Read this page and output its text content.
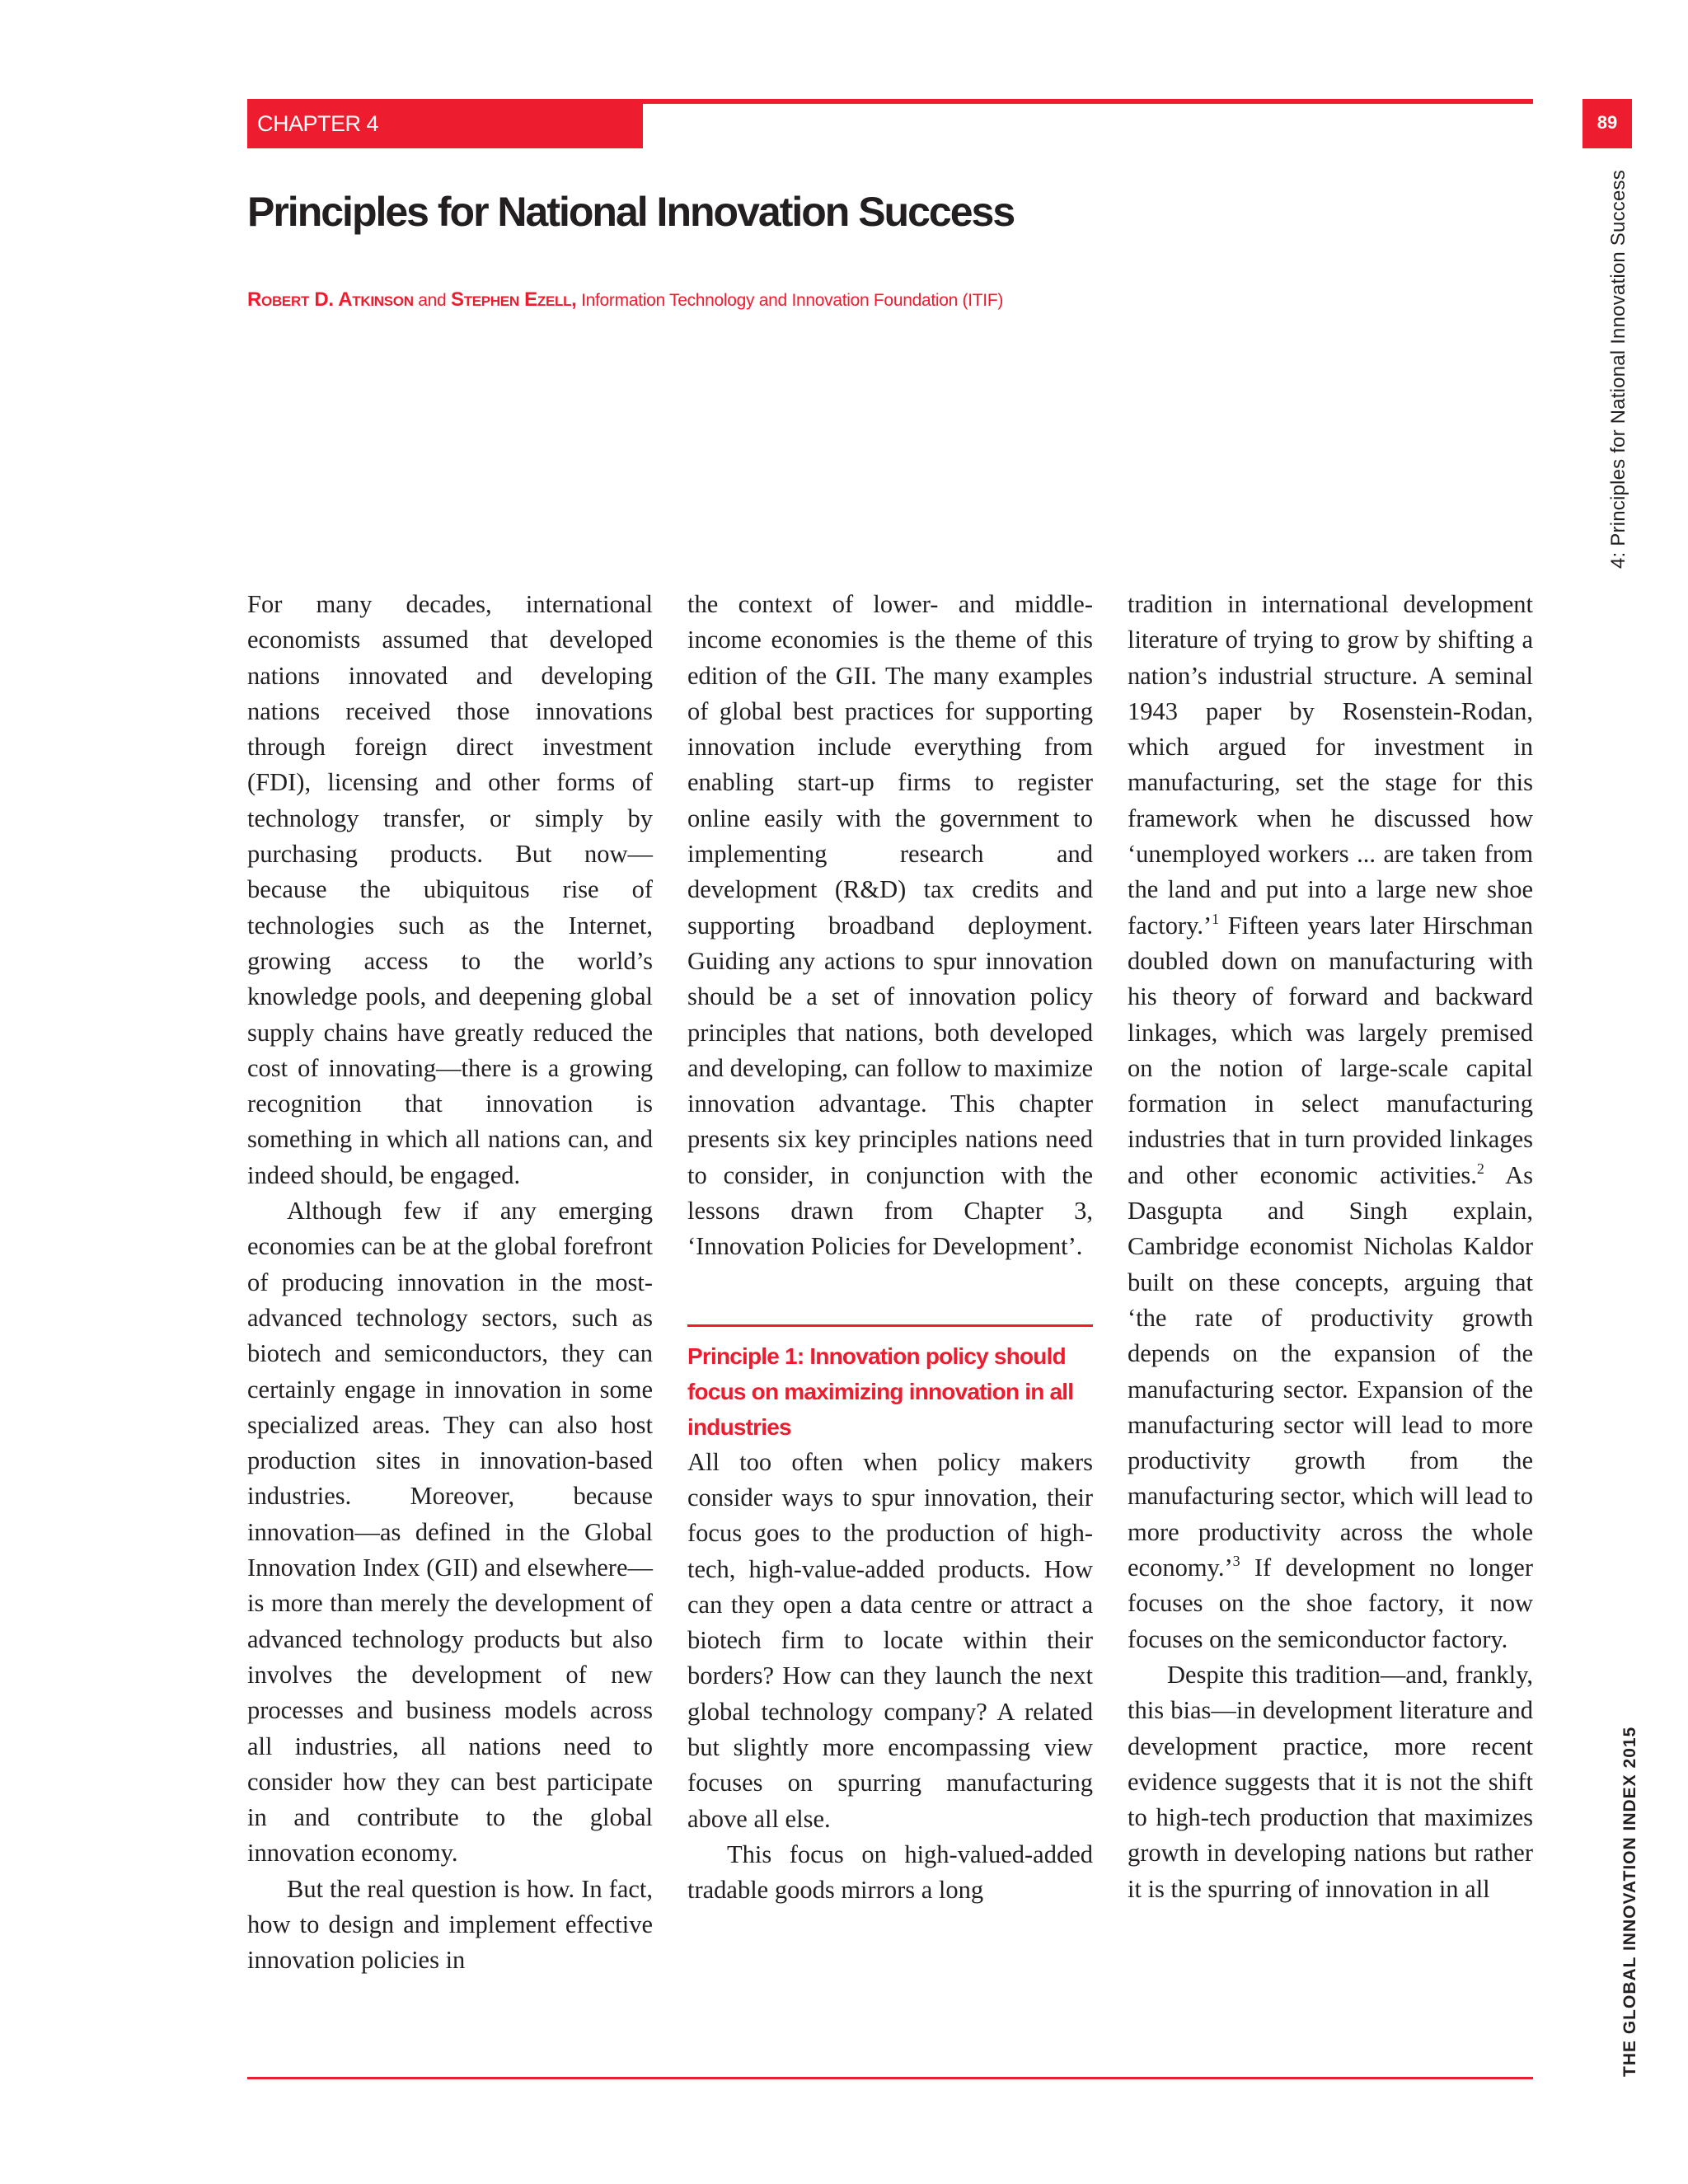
CHAPTER 4	89
4: Principles for National Innovation Success
THE GLOBAL INNOVATION INDEX 2015
Principles for National Innovation Success

Robert D. Atkinson and Stephen Ezell, Information Technology and Innovation Foundation (ITIF)

For many decades, international economists assumed that developed nations innovated and developing nations received those innovations through foreign direct investment (FDI), licensing and other forms of technology transfer, or simply by purchasing products. But now—because the ubiquitous rise of technologies such as the Internet, growing access to the world’s knowledge pools, and deepening global supply chains have greatly reduced the cost of innovating—there is a growing recognition that innovation is something in which all nations can, and indeed should, be engaged.

Although few if any emerging economies can be at the global forefront of producing innovation in the most-advanced technology sectors, such as biotech and semiconductors, they can certainly engage in innovation in some specialized areas. They can also host production sites in innovation-based industries. Moreover, because innovation—as defined in the Global Innovation Index (GII) and elsewhere—is more than merely the development of advanced technology products but also involves the development of new processes and business models across all industries, all nations need to consider how they can best participate in and contribute to the global innovation economy.

But the real question is how. In fact, how to design and implement effective innovation policies in

the context of lower- and middle-income economies is the theme of this edition of the GII. The many examples of global best practices for supporting innovation include everything from enabling start-up firms to register online easily with the government to implementing research and development (R&D) tax credits and supporting broadband deployment. Guiding any actions to spur innovation should be a set of innovation policy principles that nations, both developed and developing, can follow to maximize innovation advantage. This chapter presents six key principles nations need to consider, in conjunction with the lessons drawn from Chapter 3, ‘Innovation Policies for Development’.

Principle 1: Innovation policy should focus on maximizing innovation in all industries

All too often when policy makers consider ways to spur innovation, their focus goes to the production of high-tech, high-value-added products. How can they open a data centre or attract a biotech firm to locate within their borders? How can they launch the next global technology company? A related but slightly more encompassing view focuses on spurring manufacturing above all else.

This focus on high-valued-added tradable goods mirrors a long

tradition in international development literature of trying to grow by shifting a nation’s industrial structure. A seminal 1943 paper by Rosenstein-Rodan, which argued for investment in manufacturing, set the stage for this framework when he discussed how ‘unemployed workers ... are taken from the land and put into a large new shoe factory.’$^1$ Fifteen years later Hirschman doubled down on manufacturing with his theory of forward and backward linkages, which was largely premised on the notion of large-scale capital formation in select manufacturing industries that in turn provided linkages and other economic activities.$^2$ As Dasgupta and Singh explain, Cambridge economist Nicholas Kaldor built on these concepts, arguing that ‘the rate of productivity growth depends on the expansion of the manufacturing sector. Expansion of the manufacturing sector will lead to more productivity growth from the manufacturing sector, which will lead to more productivity across the whole economy.’$^3$ If development no longer focuses on the shoe factory, it now focuses on the semiconductor factory.

Despite this tradition—and, frankly, this bias—in development literature and development practice, more recent evidence suggests that it is not the shift to high-tech production that maximizes growth in developing nations but rather it is the spurring of innovation in all
